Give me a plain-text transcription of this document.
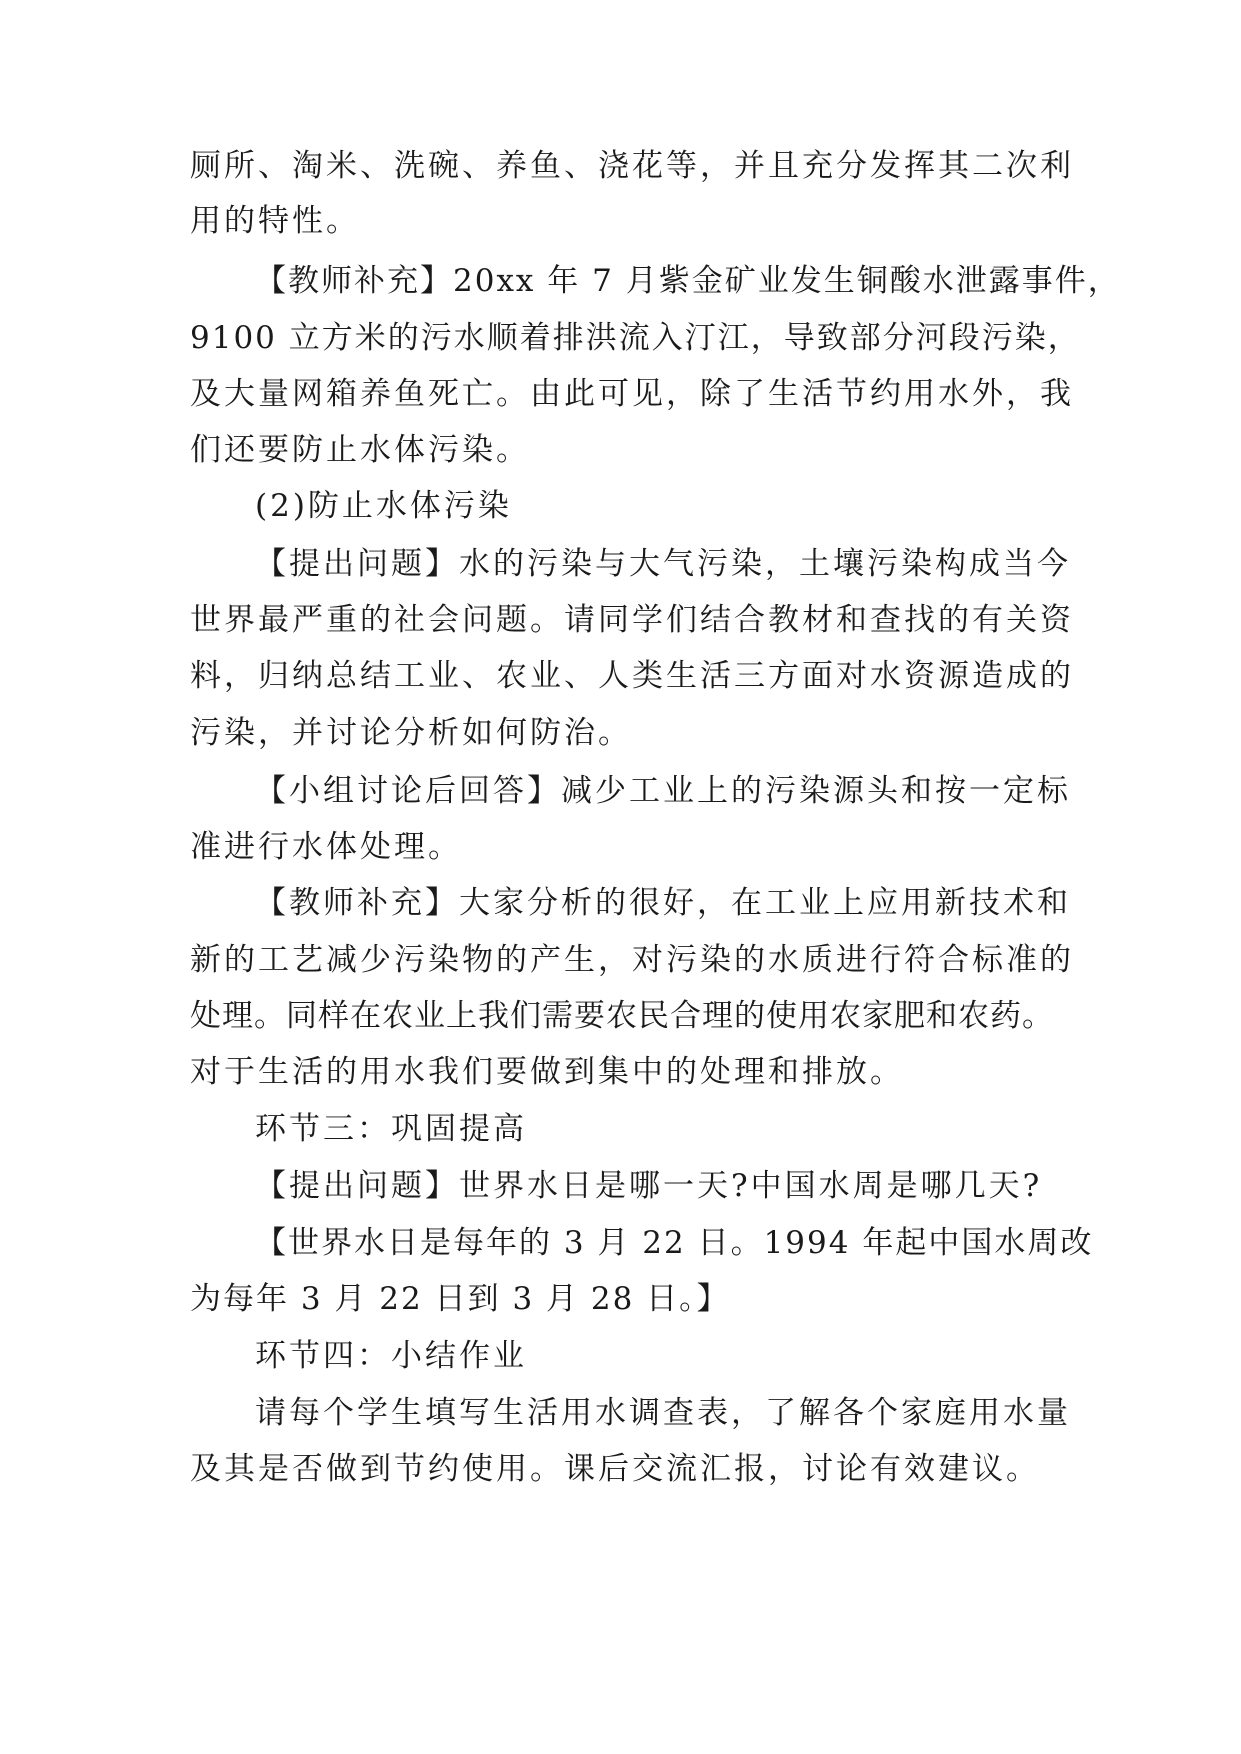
厕所、淘米、洗碗、养鱼、浇花等，并且充分发挥其二次利
用的特性。
【教师补充】20xx 年 7 月紫金矿业发生铜酸水泄露事件，
9100 立方米的污水顺着排洪流入汀江，导致部分河段污染，
及大量网箱养鱼死亡。由此可见，除了生活节约用水外，我
们还要防止水体污染。
(2)防止水体污染
【提出问题】水的污染与大气污染，土壤污染构成当今
世界最严重的社会问题。请同学们结合教材和查找的有关资
料，归纳总结工业、农业、人类生活三方面对水资源造成的
污染，并讨论分析如何防治。
【小组讨论后回答】减少工业上的污染源头和按一定标
准进行水体处理。
【教师补充】大家分析的很好，在工业上应用新技术和
新的工艺减少污染物的产生，对污染的水质进行符合标准的
处理。同样在农业上我们需要农民合理的使用农家肥和农药。
对于生活的用水我们要做到集中的处理和排放。
环节三：巩固提高
【提出问题】世界水日是哪一天?中国水周是哪几天?
【世界水日是每年的 3 月 22 日。1994 年起中国水周改
为每年 3 月 22 日到 3 月 28 日。】
环节四：小结作业
请每个学生填写生活用水调查表，了解各个家庭用水量
及其是否做到节约使用。课后交流汇报，讨论有效建议。
